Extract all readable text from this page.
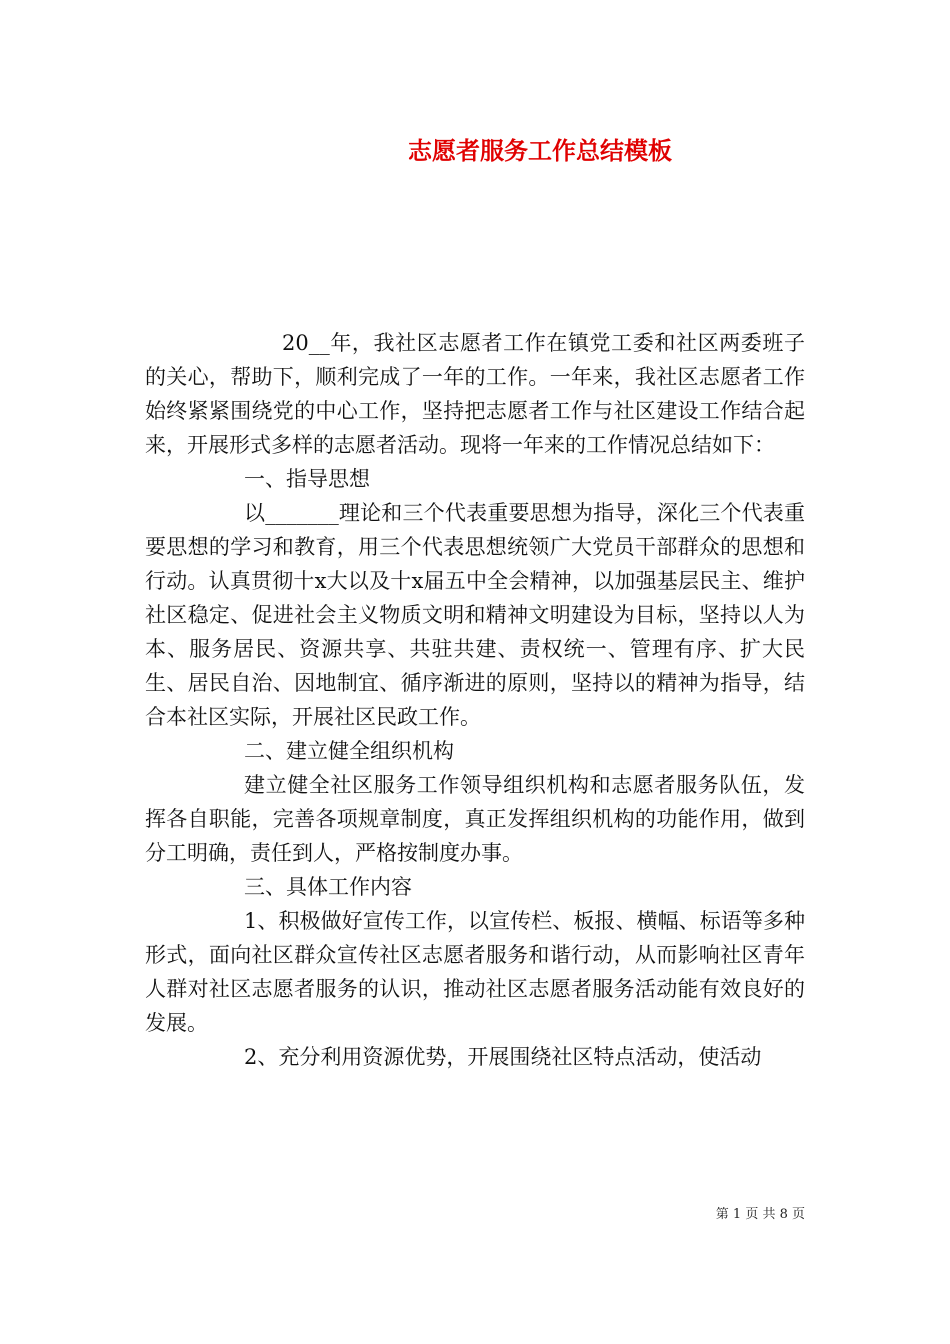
志愿者服务工作总结模板

20__年，我社区志愿者工作在镇党工委和社区两委班子的关心，帮助下，顺利完成了一年的工作。一年来，我社区志愿者工作始终紧紧围绕党的中心工作，坚持把志愿者工作与社区建设工作结合起来，开展形式多样的志愿者活动。现将一年来的工作情况总结如下：

一、指导思想

以_______理论和三个代表重要思想为指导，深化三个代表重要思想的学习和教育，用三个代表思想统领广大党员干部群众的思想和行动。认真贯彻十x大以及十x届五中全会精神，以加强基层民主、维护社区稳定、促进社会主义物质文明和精神文明建设为目标，坚持以人为本、服务居民、资源共享、共驻共建、责权统一、管理有序、扩大民生、居民自治、因地制宜、循序渐进的原则，坚持以的精神为指导，结合本社区实际，开展社区民政工作。

二、建立健全组织机构

建立健全社区服务工作领导组织机构和志愿者服务队伍，发挥各自职能，完善各项规章制度，真正发挥组织机构的功能作用，做到分工明确，责任到人，严格按制度办事。

三、具体工作内容

1、积极做好宣传工作，以宣传栏、板报、横幅、标语等多种形式，面向社区群众宣传社区志愿者服务和谐行动，从而影响社区青年人群对社区志愿者服务的认识，推动社区志愿者服务活动能有效良好的发展。

2、充分利用资源优势，开展围绕社区特点活动，使活动

第 1 页 共 8 页
